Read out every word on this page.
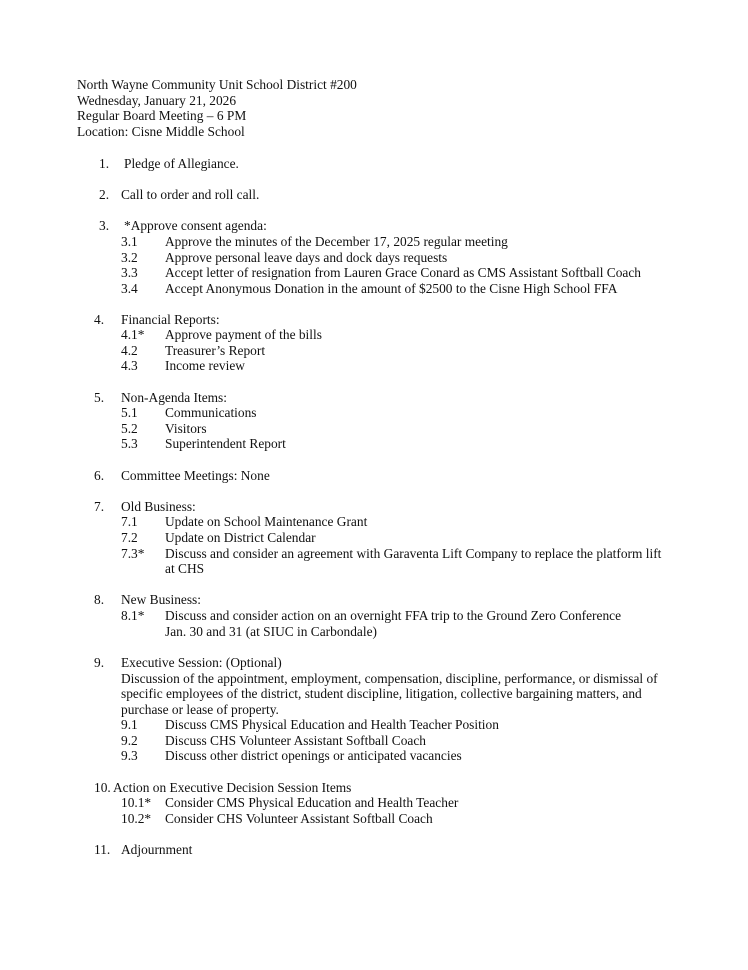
North Wayne Community Unit School District #200
Wednesday, January 21, 2026
Regular Board Meeting – 6 PM
Location: Cisne Middle School
1. Pledge of Allegiance.
2. Call to order and roll call.
3. *Approve consent agenda:
3.1 Approve the minutes of the December 17, 2025 regular meeting
3.2 Approve personal leave days and dock days requests
3.3 Accept letter of resignation from Lauren Grace Conard as CMS Assistant Softball Coach
3.4 Accept Anonymous Donation in the amount of $2500 to the Cisne High School FFA
4. Financial Reports:
4.1* Approve payment of the bills
4.2 Treasurer’s Report
4.3 Income review
5. Non-Agenda Items:
5.1 Communications
5.2 Visitors
5.3 Superintendent Report
6. Committee Meetings: None
7. Old Business:
7.1 Update on School Maintenance Grant
7.2 Update on District Calendar
7.3* Discuss and consider an agreement with Garaventa Lift Company to replace the platform lift
at CHS
8. New Business:
8.1* Discuss and consider action on an overnight FFA trip to the Ground Zero Conference
Jan. 30 and 31 (at SIUC in Carbondale)
9. Executive Session: (Optional)
Discussion of the appointment, employment, compensation, discipline, performance, or dismissal of specific employees of the district, student discipline, litigation, collective bargaining matters, and purchase or lease of property.
9.1 Discuss CMS Physical Education and Health Teacher Position
9.2 Discuss CHS Volunteer Assistant Softball Coach
9.3 Discuss other district openings or anticipated vacancies
10. Action on Executive Decision Session Items
10.1* Consider CMS Physical Education and Health Teacher
10.2* Consider CHS Volunteer Assistant Softball Coach
11. Adjournment
